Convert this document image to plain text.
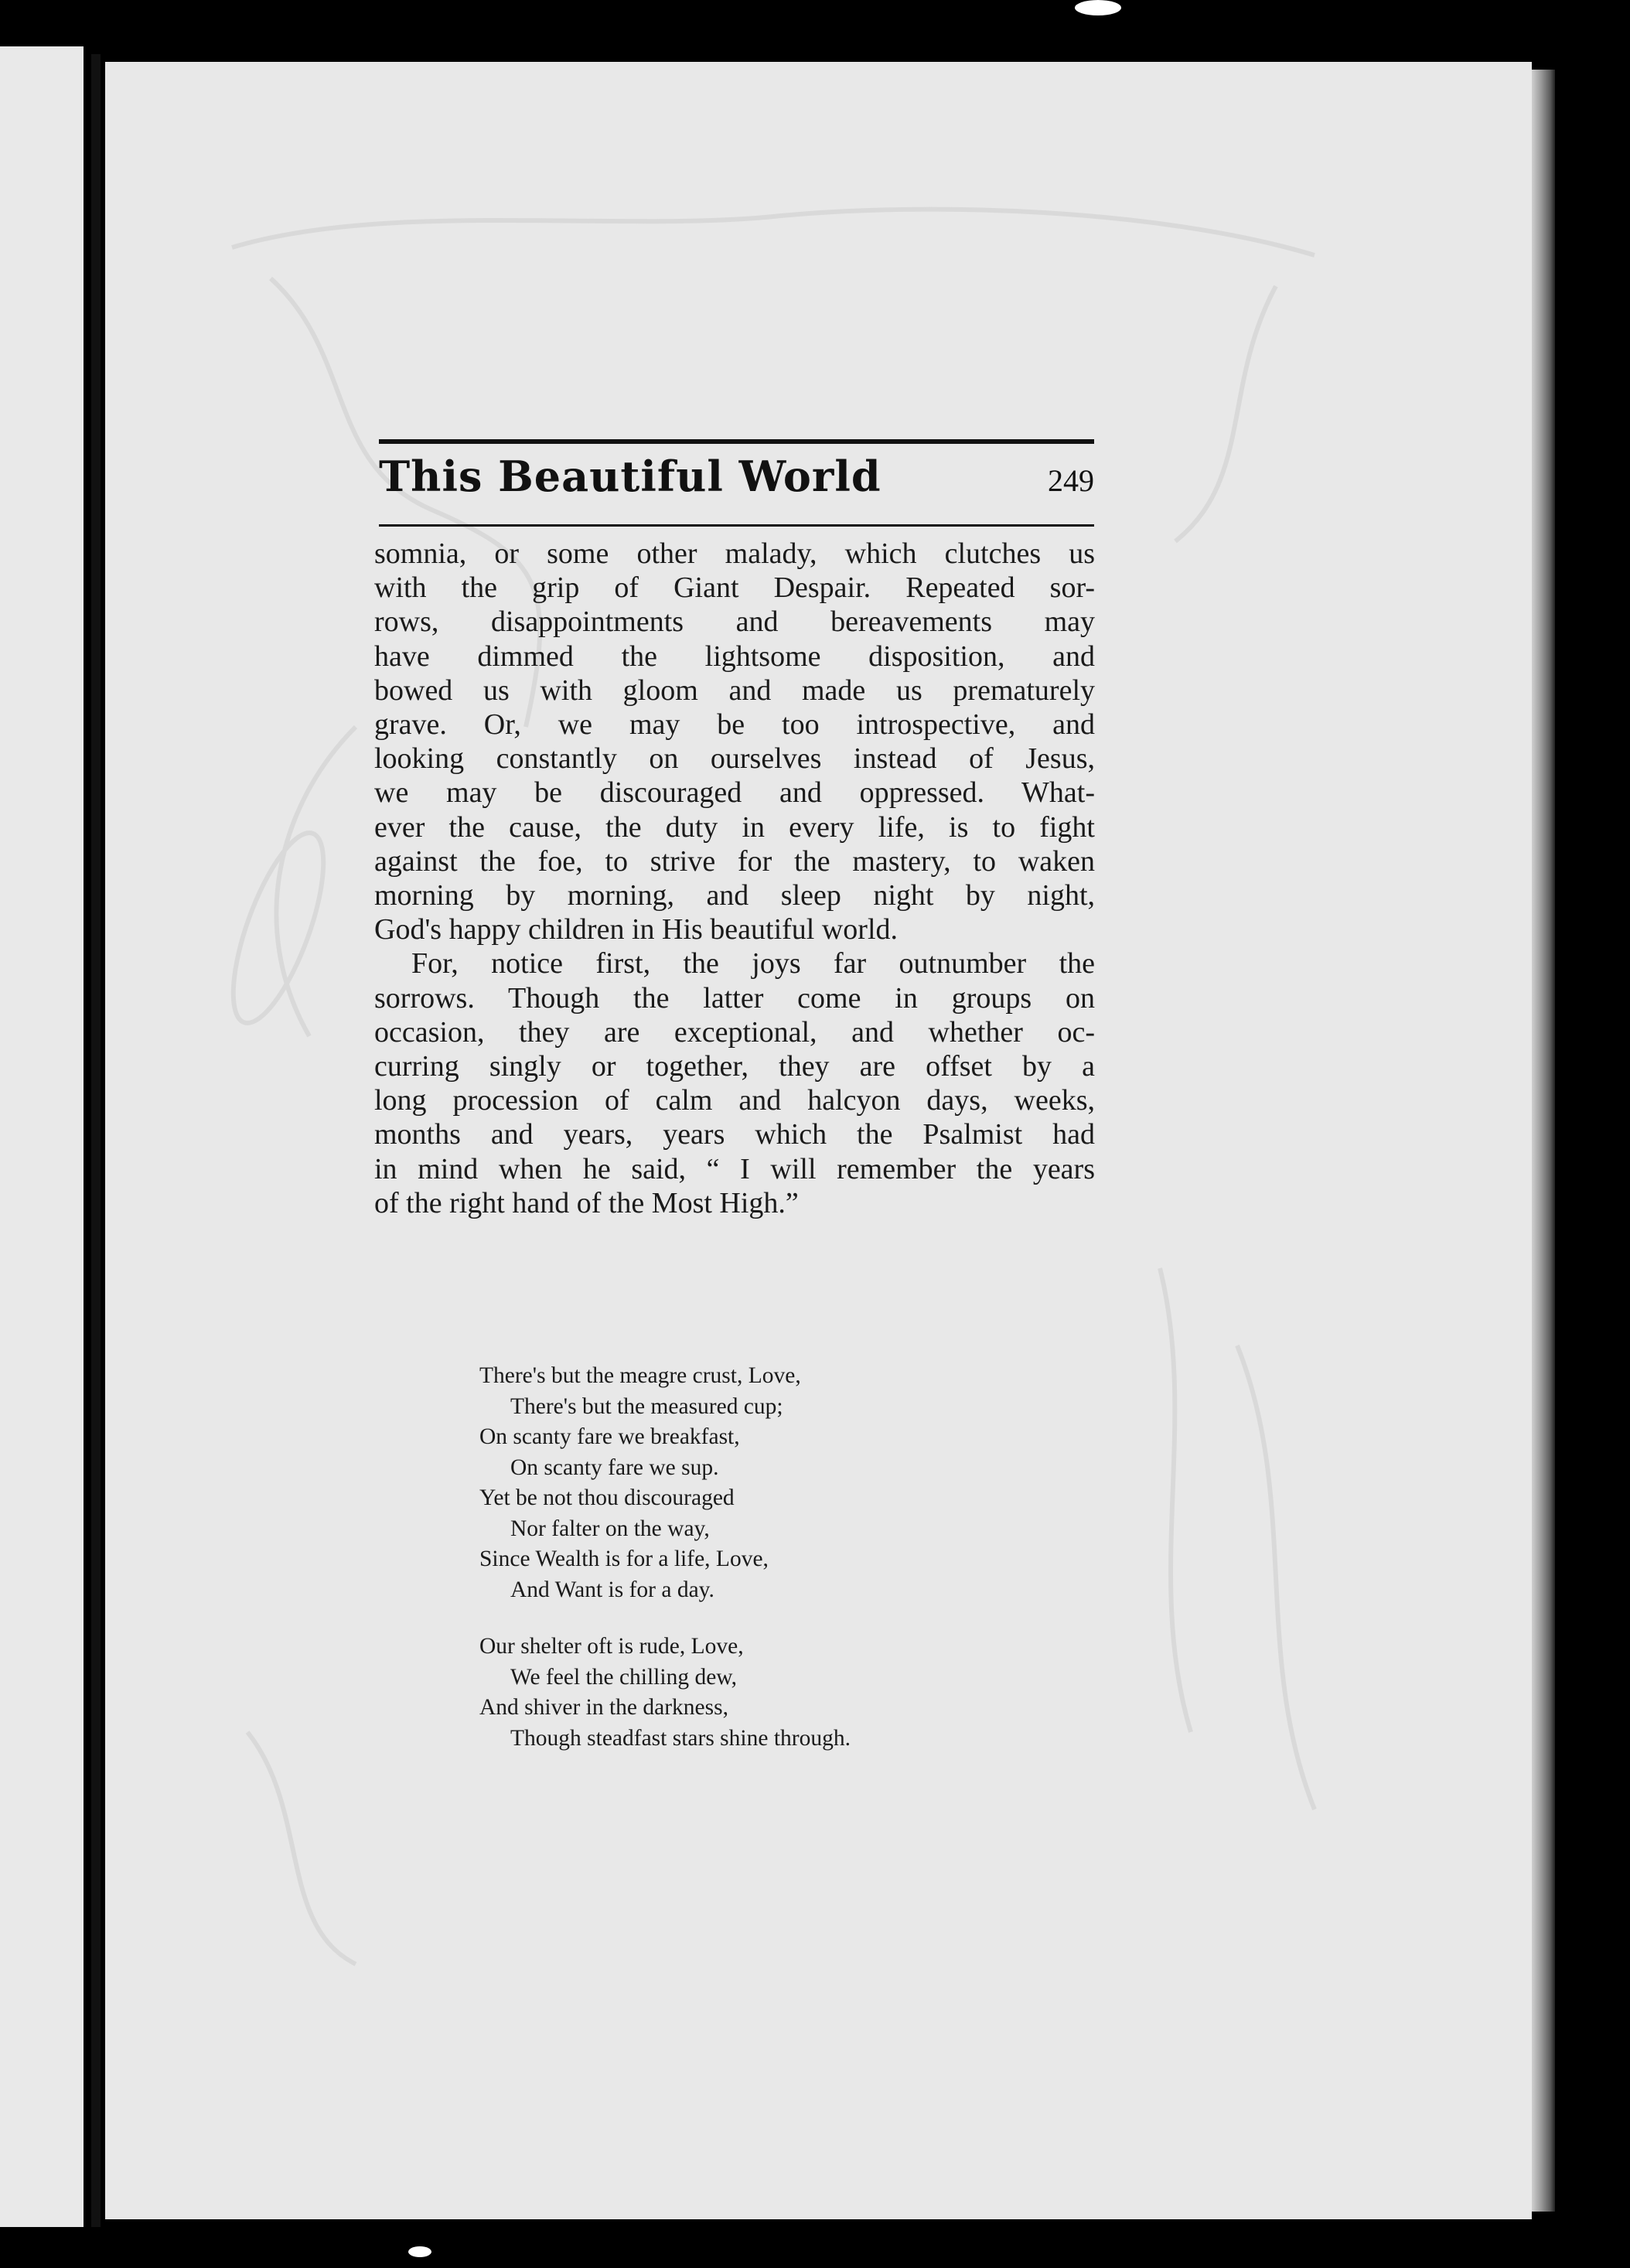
This Beautiful World	249

somnia, or some other malady, which clutches us

with the grip of Giant Despair. Repeated sor-

rows, disappointments and bereavements may

have dimmed the lightsome disposition, and

bowed us with gloom and made us prematurely

grave. Or, we may be too introspective, and

looking constantly on ourselves instead of Jesus,

we may be discouraged and oppressed. What-

ever the cause, the duty in every life, is to fight

against the foe, to strive for the mastery, to waken

morning by morning, and sleep night by night,

God's happy children in His beautiful world.

For, notice first, the joys far outnumber the

sorrows. Though the latter come in groups on

occasion, they are exceptional, and whether oc-

curring singly or together, they are offset by a

long procession of calm and halcyon days, weeks,

months and years, years which the Psalmist had

in mind when he said, “ I will remember the years

of the right hand of the Most High.”

There's but the meagre crust, Love,
There's but the measured cup;
On scanty fare we breakfast,
On scanty fare we sup.
Yet be not thou discouraged
Nor falter on the way,
Since Wealth is for a life, Love,
And Want is for a day.
Our shelter oft is rude, Love,
We feel the chilling dew,
And shiver in the darkness,
Though steadfast stars shine through.
